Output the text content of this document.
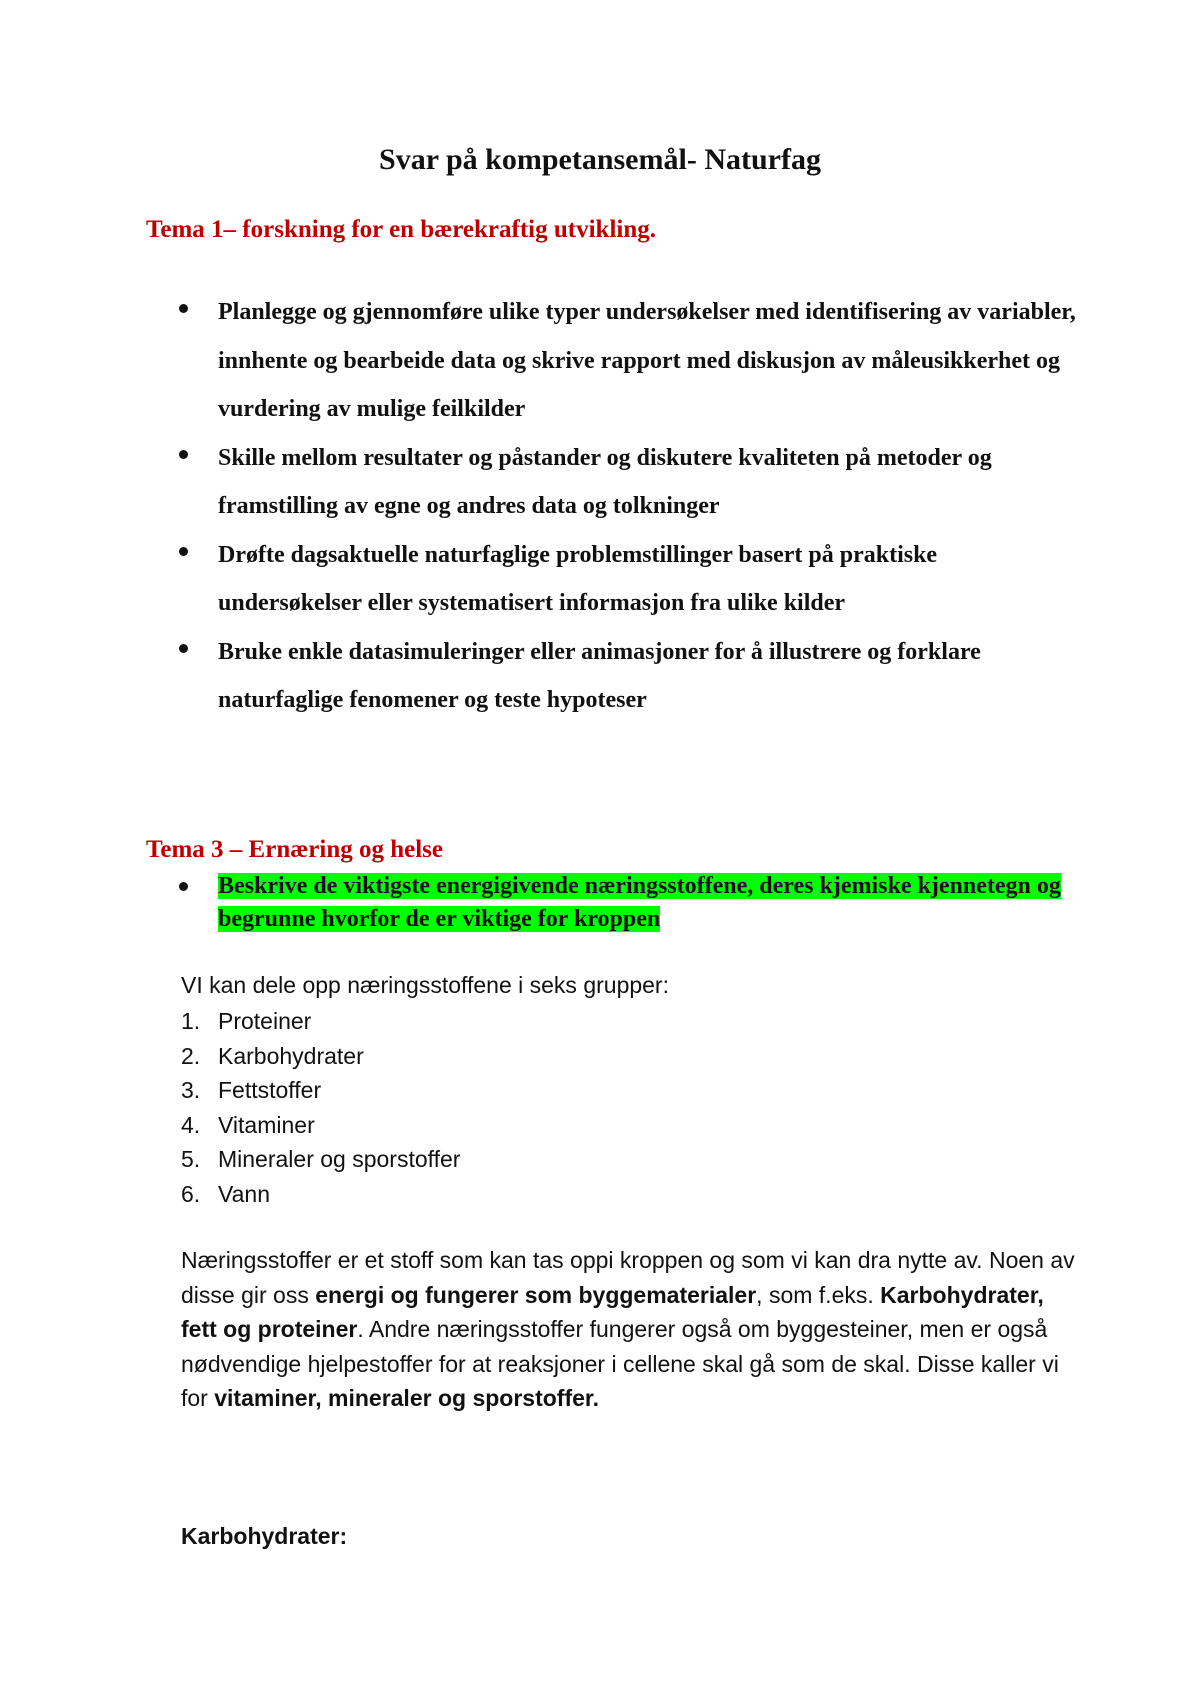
Svar på kompetansemål- Naturfag
Tema 1– forskning for en bærekraftig utvikling.
Planlegge og gjennomføre ulike typer undersøkelser med identifisering av variabler, innhente og bearbeide data og skrive rapport med diskusjon av måleusikkerhet og vurdering av mulige feilkilder
Skille mellom resultater og påstander og diskutere kvaliteten på metoder og framstilling av egne og andres data og tolkninger
Drøfte dagsaktuelle naturfaglige problemstillinger basert på praktiske undersøkelser eller systematisert informasjon fra ulike kilder
Bruke enkle datasimuleringer eller animasjoner for å illustrere og forklare naturfaglige fenomener og teste hypoteser
Tema 3 – Ernæring og helse
Beskrive de viktigste energigivende næringsstoffene, deres kjemiske kjennetegn og begrunne hvorfor de er viktige for kroppen

VI kan dele opp næringsstoffene i seks grupper:

1. Proteiner
2. Karbohydrater
3. Fettstoffer
4. Vitaminer
5. Mineraler og sporstoffer
6. Vann

Næringsstoffer er et stoff som kan tas oppi kroppen og som vi kan dra nytte av. Noen av disse gir oss energi og fungerer som byggematerialer, som f.eks. Karbohydrater, fett og proteiner. Andre næringsstoffer fungerer også om byggesteiner, men er også nødvendige hjelpestoffer for at reaksjoner i cellene skal gå som de skal. Disse kaller vi for vitaminer, mineraler og sporstoffer.

Karbohydrater:
